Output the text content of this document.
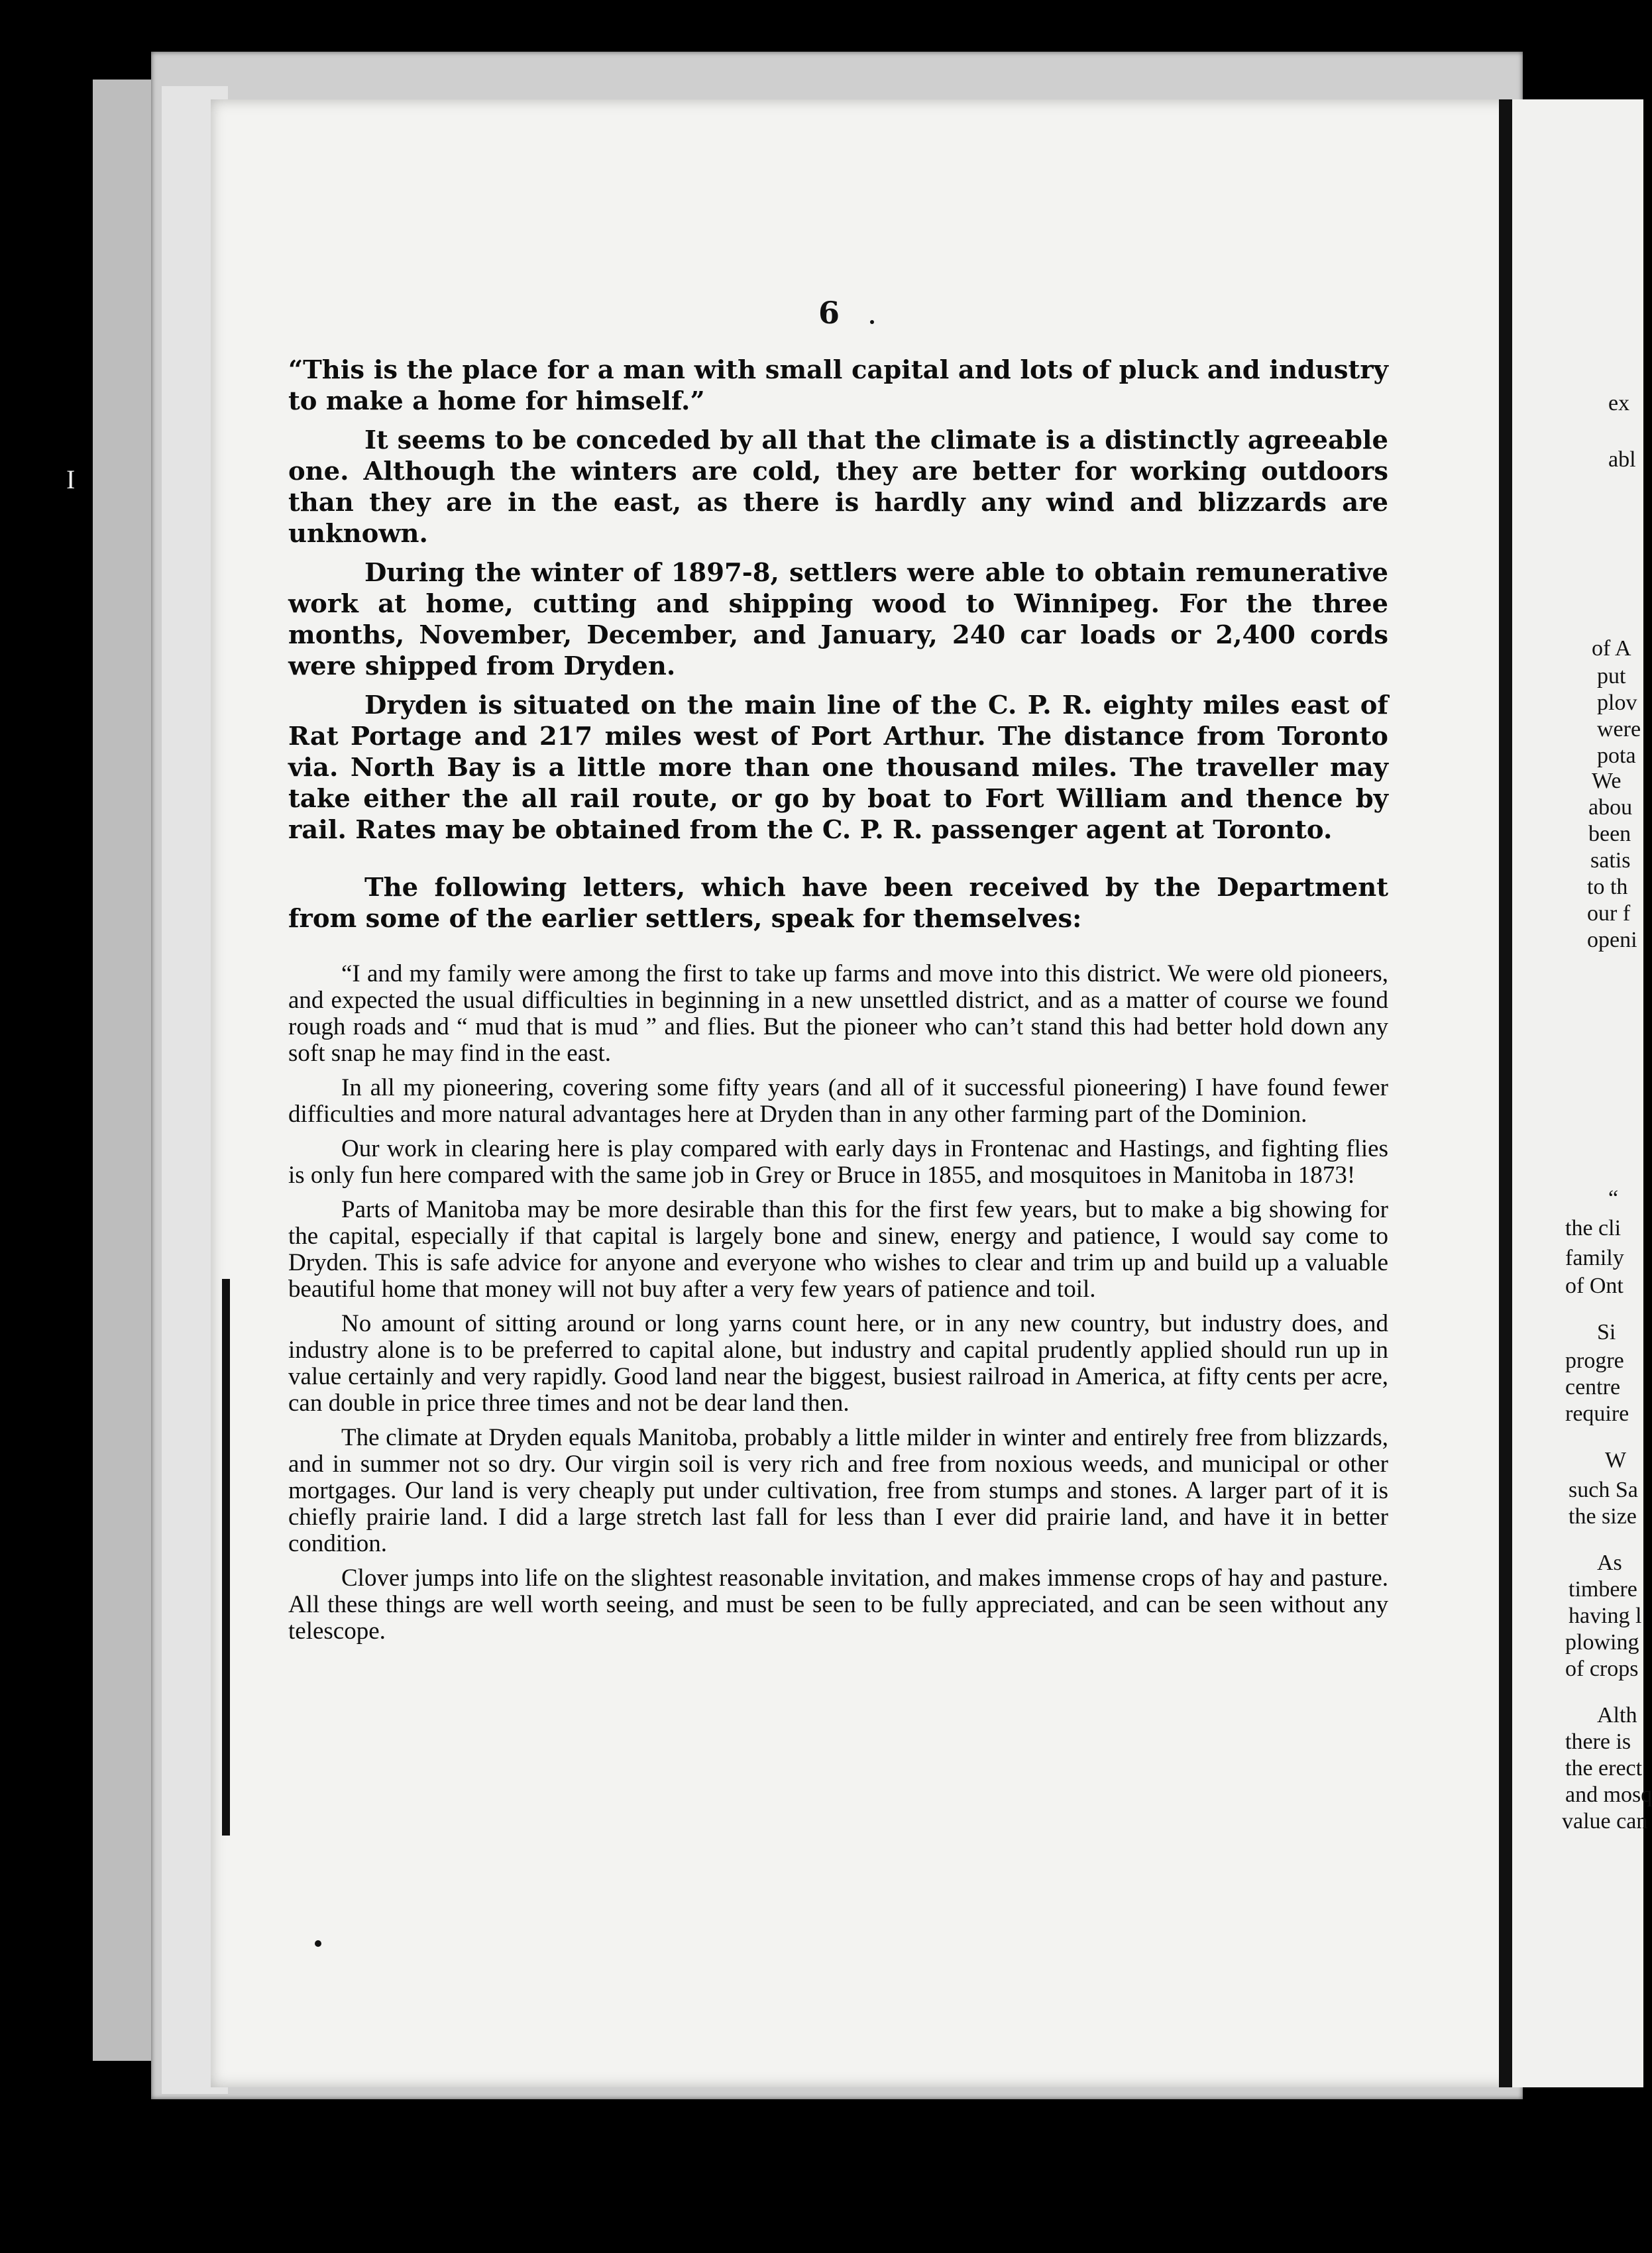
I
6

“This is the place for a man with small capital and lots of pluck and industry to make a home for himself.”

It seems to be conceded by all that the climate is a distinctly agreeable one. Although the winters are cold, they are better for working outdoors than they are in the east, as there is hardly any wind and blizzards are unknown.

During the winter of 1897-8, settlers were able to obtain remunerative work at home, cutting and shipping wood to Winnipeg. For the three months, November, December, and January, 240 car loads or 2,400 cords were shipped from Dryden.

Dryden is situated on the main line of the C. P. R. eighty miles east of Rat Portage and 217 miles west of Port Arthur. The distance from Toronto via. North Bay is a little more than one thousand miles. The traveller may take either the all rail route, or go by boat to Fort William and thence by rail. Rates may be obtained from the C. P. R. passenger agent at Toronto.

The following letters, which have been received by the Department from some of the earlier settlers, speak for themselves:

“I and my family were among the first to take up farms and move into this district. We were old pioneers, and expected the usual difficulties in beginning in a new unsettled district, and as a matter of course we found rough roads and “ mud that is mud ” and flies. But the pioneer who can’t stand this had better hold down any soft snap he may find in the east.

In all my pioneering, covering some fifty years (and all of it successful pioneering) I have found fewer difficulties and more natural advantages here at Dryden than in any other farming part of the Dominion.

Our work in clearing here is play compared with early days in Frontenac and Hastings, and fighting flies is only fun here compared with the same job in Grey or Bruce in 1855, and mosquitoes in Manitoba in 1873!

Parts of Manitoba may be more desirable than this for the first few years, but to make a big showing for the capital, especially if that capital is largely bone and sinew, energy and patience, I would say come to Dryden. This is safe advice for anyone and everyone who wishes to clear and trim up and build up a valuable beautiful home that money will not buy after a very few years of patience and toil.

No amount of sitting around or long yarns count here, or in any new country, but industry does, and industry alone is to be preferred to capital alone, but industry and capital prudently applied should run up in value certainly and very rapidly. Good land near the biggest, busiest railroad in America, at fifty cents per acre, can double in price three times and not be dear land then.

The climate at Dryden equals Manitoba, probably a little milder in winter and entirely free from blizzards, and in summer not so dry. Our virgin soil is very rich and free from noxious weeds, and municipal or other mortgages. Our land is very cheaply put under cultivation, free from stumps and stones. A larger part of it is chiefly prairie land. I did a large stretch last fall for less than I ever did prairie land, and have it in better condition.

Clover jumps into life on the slightest reasonable invitation, and makes immense crops of hay and pasture. All these things are well worth seeing, and must be seen to be fully appreciated, and can be seen without any telescope.

ex
abl
of A
put
plov
were
pota
We
abou
been
satis
to th
our f
openi
“
the cli
family
of Ont
Si
progre
centre
require
W
such Sa
the size
As
timbere
having l
plowing
of crops
Alth
there is
the erect
and mosq
value can
